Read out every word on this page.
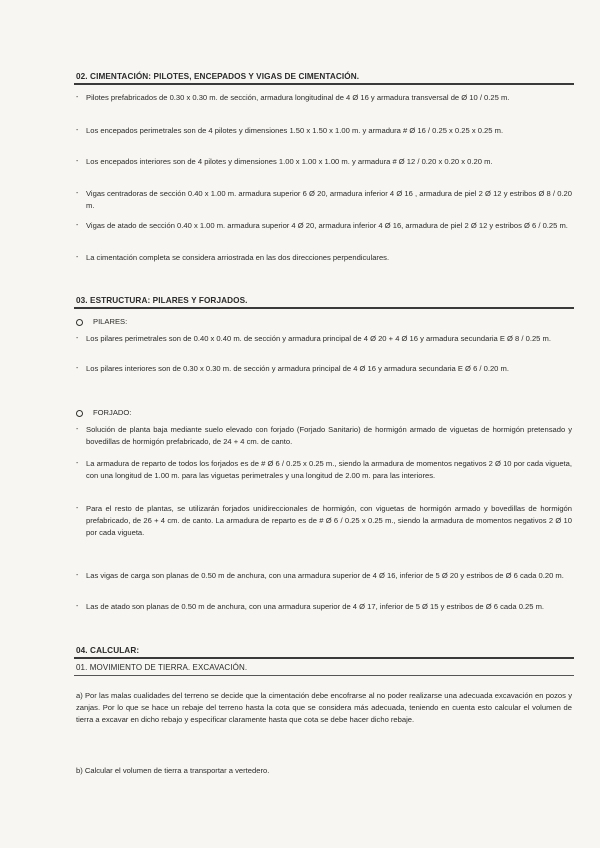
02. CIMENTACIÓN: PILOTES, ENCEPADOS Y VIGAS DE CIMENTACIÓN.
- Pilotes prefabricados de 0.30 x 0.30 m. de sección, armadura longitudinal de 4 Ø 16 y armadura transversal de Ø 10 / 0.25 m.
- Los encepados perimetrales son de 4 pilotes y dimensiones 1.50 x 1.50 x 1.00 m. y armadura # Ø 16 / 0.25 x 0.25 x 0.25 m.
- Los encepados interiores son de 4 pilotes y dimensiones 1.00 x 1.00 x 1.00 m. y armadura # Ø 12 / 0.20 x 0.20 x 0.20 m.
- Vigas centradoras de sección 0.40 x 1.00 m. armadura superior 6 Ø 20, armadura inferior 4 Ø 16 , armadura de piel 2 Ø 12 y estribos Ø 8 / 0.20 m.
- Vigas de atado de sección 0.40 x 1.00 m. armadura superior 4 Ø 20, armadura inferior 4 Ø 16, armadura de piel 2 Ø 12 y estribos Ø 6 / 0.25 m.
- La cimentación completa se considera arriostrada en las dos direcciones perpendiculares.
03. ESTRUCTURA: PILARES Y FORJADOS.
PILARES:
- Los pilares perimetrales son de 0.40 x 0.40 m. de sección y armadura principal de 4 Ø 20 + 4 Ø 16 y armadura secundaria E Ø 8 / 0.25 m.
- Los pilares interiores son de 0.30 x 0.30 m. de sección y armadura principal de 4 Ø 16 y armadura secundaria E Ø 6 / 0.20 m.
FORJADO:
- Solución de planta baja mediante suelo elevado con forjado (Forjado Sanitario) de hormigón armado de viguetas de hormigón pretensado y bovedillas de hormigón prefabricado, de 24 + 4 cm. de canto.
- La armadura de reparto de todos los forjados es de # Ø 6 / 0.25 x 0.25 m., siendo la armadura de momentos negativos 2 Ø 10 por cada vigueta, con una longitud de 1.00 m. para las viguetas perimetrales y una longitud de 2.00 m. para las interiores.
- Para el resto de plantas, se utilizarán forjados unidireccionales de hormigón, con viguetas de hormigón armado y bovedillas de hormigón prefabricado, de 26 + 4 cm. de canto. La armadura de reparto es de # Ø 6 / 0.25 x 0.25 m., siendo la armadura de momentos negativos 2 Ø 10 por cada vigueta.
- Las vigas de carga son planas de 0.50 m de anchura, con una armadura superior de 4 Ø 16, inferior de 5 Ø 20 y estribos de Ø 6 cada 0.20 m.
- Las de atado son planas de 0.50 m de anchura, con una armadura superior de 4 Ø 17, inferior de 5 Ø 15 y estribos de Ø 6 cada 0.25 m.
04. CALCULAR:
01. MOVIMIENTO DE TIERRA. EXCAVACIÓN.
a) Por las malas cualidades del terreno se decide que la cimentación debe encofrarse al no poder realizarse una adecuada excavación en pozos y zanjas. Por lo que se hace un rebaje del terreno hasta la cota que se considera más adecuada, teniendo en cuenta esto calcular el volumen de tierra a excavar en dicho rebajo y especificar claramente hasta que cota se debe hacer dicho rebaje.
b) Calcular el volumen de tierra a transportar a vertedero.
